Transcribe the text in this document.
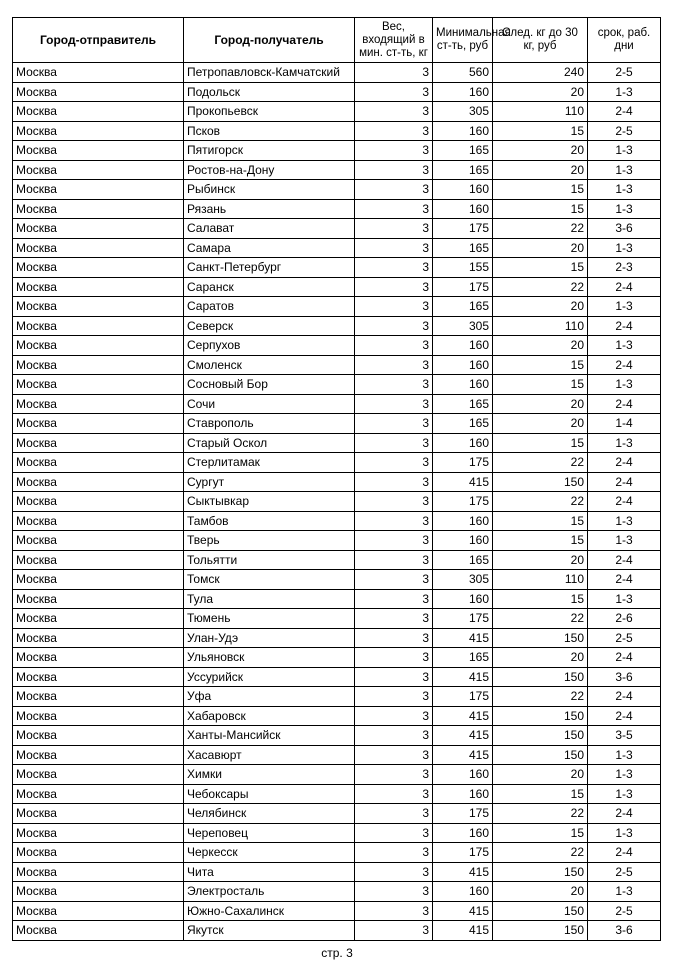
Город-отправитель	Город-получатель	Вес, входящий в мин. ст-ть, кг	Минимальная ст-ть, руб	След. кг до 30 кг, руб	срок, раб. дни
Москва	Петропавловск-Камчатский	3	560	240	2-5
Москва	Подольск	3	160	20	1-3
Москва	Прокопьевск	3	305	110	2-4
Москва	Псков	3	160	15	2-5
Москва	Пятигорск	3	165	20	1-3
Москва	Ростов-на-Дону	3	165	20	1-3
Москва	Рыбинск	3	160	15	1-3
Москва	Рязань	3	160	15	1-3
Москва	Салават	3	175	22	3-6
Москва	Самара	3	165	20	1-3
Москва	Санкт-Петербург	3	155	15	2-3
Москва	Саранск	3	175	22	2-4
Москва	Саратов	3	165	20	1-3
Москва	Северск	3	305	110	2-4
Москва	Серпухов	3	160	20	1-3
Москва	Смоленск	3	160	15	2-4
Москва	Сосновый Бор	3	160	15	1-3
Москва	Сочи	3	165	20	2-4
Москва	Ставрополь	3	165	20	1-4
Москва	Старый Оскол	3	160	15	1-3
Москва	Стерлитамак	3	175	22	2-4
Москва	Сургут	3	415	150	2-4
Москва	Сыктывкар	3	175	22	2-4
Москва	Тамбов	3	160	15	1-3
Москва	Тверь	3	160	15	1-3
Москва	Тольятти	3	165	20	2-4
Москва	Томск	3	305	110	2-4
Москва	Тула	3	160	15	1-3
Москва	Тюмень	3	175	22	2-6
Москва	Улан-Удэ	3	415	150	2-5
Москва	Ульяновск	3	165	20	2-4
Москва	Уссурийск	3	415	150	3-6
Москва	Уфа	3	175	22	2-4
Москва	Хабаровск	3	415	150	2-4
Москва	Ханты-Мансийск	3	415	150	3-5
Москва	Хасавюрт	3	415	150	1-3
Москва	Химки	3	160	20	1-3
Москва	Чебоксары	3	160	15	1-3
Москва	Челябинск	3	175	22	2-4
Москва	Череповец	3	160	15	1-3
Москва	Черкесск	3	175	22	2-4
Москва	Чита	3	415	150	2-5
Москва	Электросталь	3	160	20	1-3
Москва	Южно-Сахалинск	3	415	150	2-5
Москва	Якутск	3	415	150	3-6
стр. 3
